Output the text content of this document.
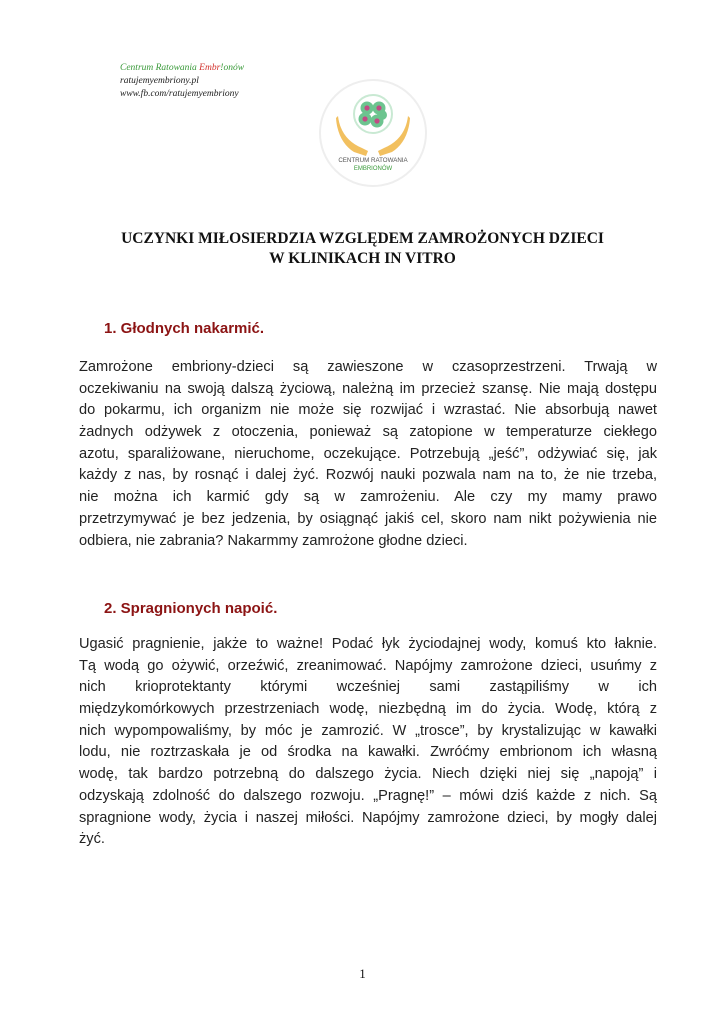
Centrum Ratowania Embr!onów
ratujemyembriony.pl
www.fb.com/ratujemyembriony
CENTRUM RATOWANIA
EMBRIONÓW
UCZYNKI MIŁOSIERDZIA WZGLĘDEM ZAMROŻONYCH DZIECI
W KLINIKACH IN VITRO
1. Głodnych nakarmić.
Zamrożone embriony-dzieci są zawieszone w czasoprzestrzeni. Trwają w
oczekiwaniu na swoją dalszą życiową, należną im przecież szansę. Nie mają dostępu
do pokarmu, ich organizm nie może się rozwijać i wzrastać. Nie absorbują nawet
żadnych odżywek z otoczenia, ponieważ są zatopione w temperaturze ciekłego
azotu, sparaliżowane, nieruchome, oczekujące. Potrzebują „jeść”, odżywiać się, jak
każdy z nas, by rosnąć i dalej żyć. Rozwój nauki pozwala nam na to, że nie trzeba,
nie można ich karmić gdy są w zamrożeniu. Ale czy my mamy prawo
przetrzymywać je bez jedzenia, by osiągnąć jakiś cel, skoro nam nikt pożywienia nie
odbiera, nie zabrania? Nakarmmy zamrożone głodne dzieci.
2. Spragnionych napoić.
Ugasić pragnienie, jakże to ważne! Podać łyk życiodajnej wody, komuś kto łaknie.
Tą wodą go ożywić, orzeźwić, zreanimować. Napójmy zamrożone dzieci, usuńmy z
nich krioprotektanty którymi wcześniej sami zastąpiliśmy w ich
międzykomórkowych przestrzeniach wodę, niezbędną im do życia. Wodę, którą z
nich wypompowaliśmy, by móc je zamrozić. W „trosce”, by krystalizując w kawałki
lodu, nie roztrzaskała je od środka na kawałki. Zwróćmy embrionom ich własną
wodę, tak bardzo potrzebną do dalszego życia. Niech dzięki niej się „napoją” i
odzyskają zdolność do dalszego rozwoju. „Pragnę!” – mówi dziś każde z nich. Są
spragnione wody, życia i naszej miłości. Napójmy zamrożone dzieci, by mogły dalej
żyć.
1
